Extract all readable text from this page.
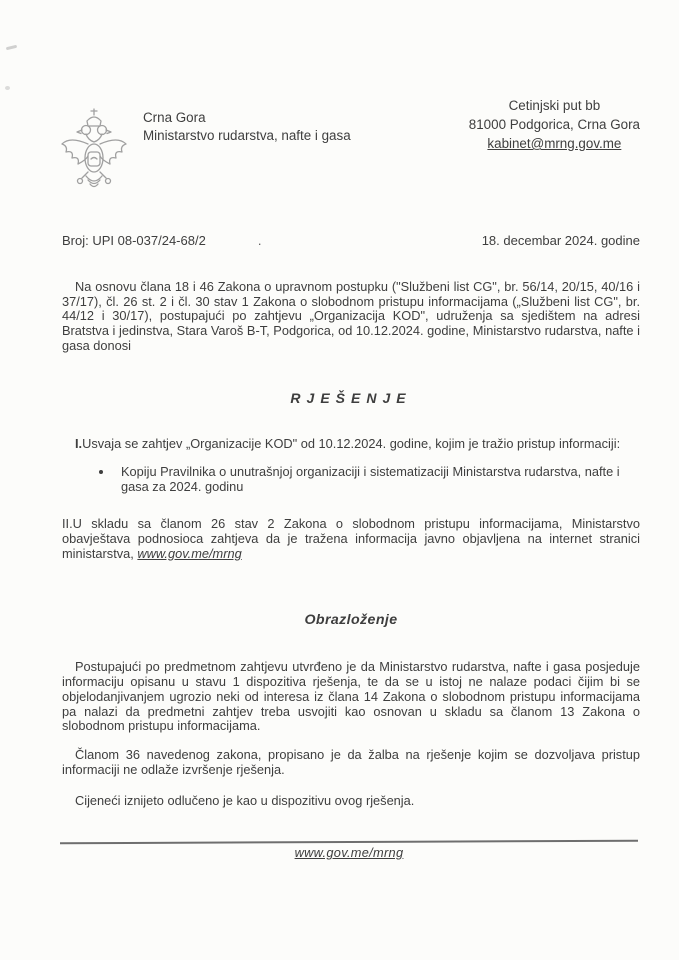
Crna Gora
Ministarstvo rudarstva, nafte i gasa
Cetinjski put bb
81000 Podgorica, Crna Gora
kabinet@mrng.gov.me
Broj: UPI 08-037/24-68/2	.	18. decembar 2024. godine

Na osnovu člana 18 i 46 Zakona o upravnom postupku ("Službeni list CG", br. 56/14, 20/15, 40/16 i 37/17), čl. 26 st. 2 i čl. 30 stav 1 Zakona o slobodnom pristupu informacijama („Službeni list CG", br. 44/12 i 30/17), postupajući po zahtjevu „Organizacija KOD", udruženja sa sjedištem na adresi Bratstva i jedinstva, Stara Varoš B-T, Podgorica, od 10.12.2024. godine, Ministarstvo rudarstva, nafte i gasa donosi

RJEŠENJE

I.Usvaja se zahtjev „Organizacije KOD" od 10.12.2024. godine, kojim je tražio pristup informaciji:

• Kopiju Pravilnika o unutrašnjoj organizaciji i sistematizaciji Ministarstva rudarstva, nafte i gasa za 2024. godinu

II.U skladu sa članom 26 stav 2 Zakona o slobodnom pristupu informacijama, Ministarstvo obavještava podnosioca zahtjeva da je tražena informacija javno objavljena na internet stranici ministarstva, www.gov.me/mrng

Obrazloženje

Postupajući po predmetnom zahtjevu utvrđeno je da Ministarstvo rudarstva, nafte i gasa posjeduje informaciju opisanu u stavu 1 dispozitiva rješenja, te da se u istoj ne nalaze podaci čijim bi se objelodanjivanjem ugrozio neki od interesa iz člana 14 Zakona o slobodnom pristupu informacijama pa nalazi da predmetni zahtjev treba usvojiti kao osnovan u skladu sa članom 13 Zakona o slobodnom pristupu informacijama.

Članom 36 navedenog zakona, propisano je da žalba na rješenje kojim se dozvoljava pristup informaciji ne odlaže izvršenje rješenja.

Cijeneći iznijeto odlučeno je kao u dispozitivu ovog rješenja.

www.gov.me/mrng
